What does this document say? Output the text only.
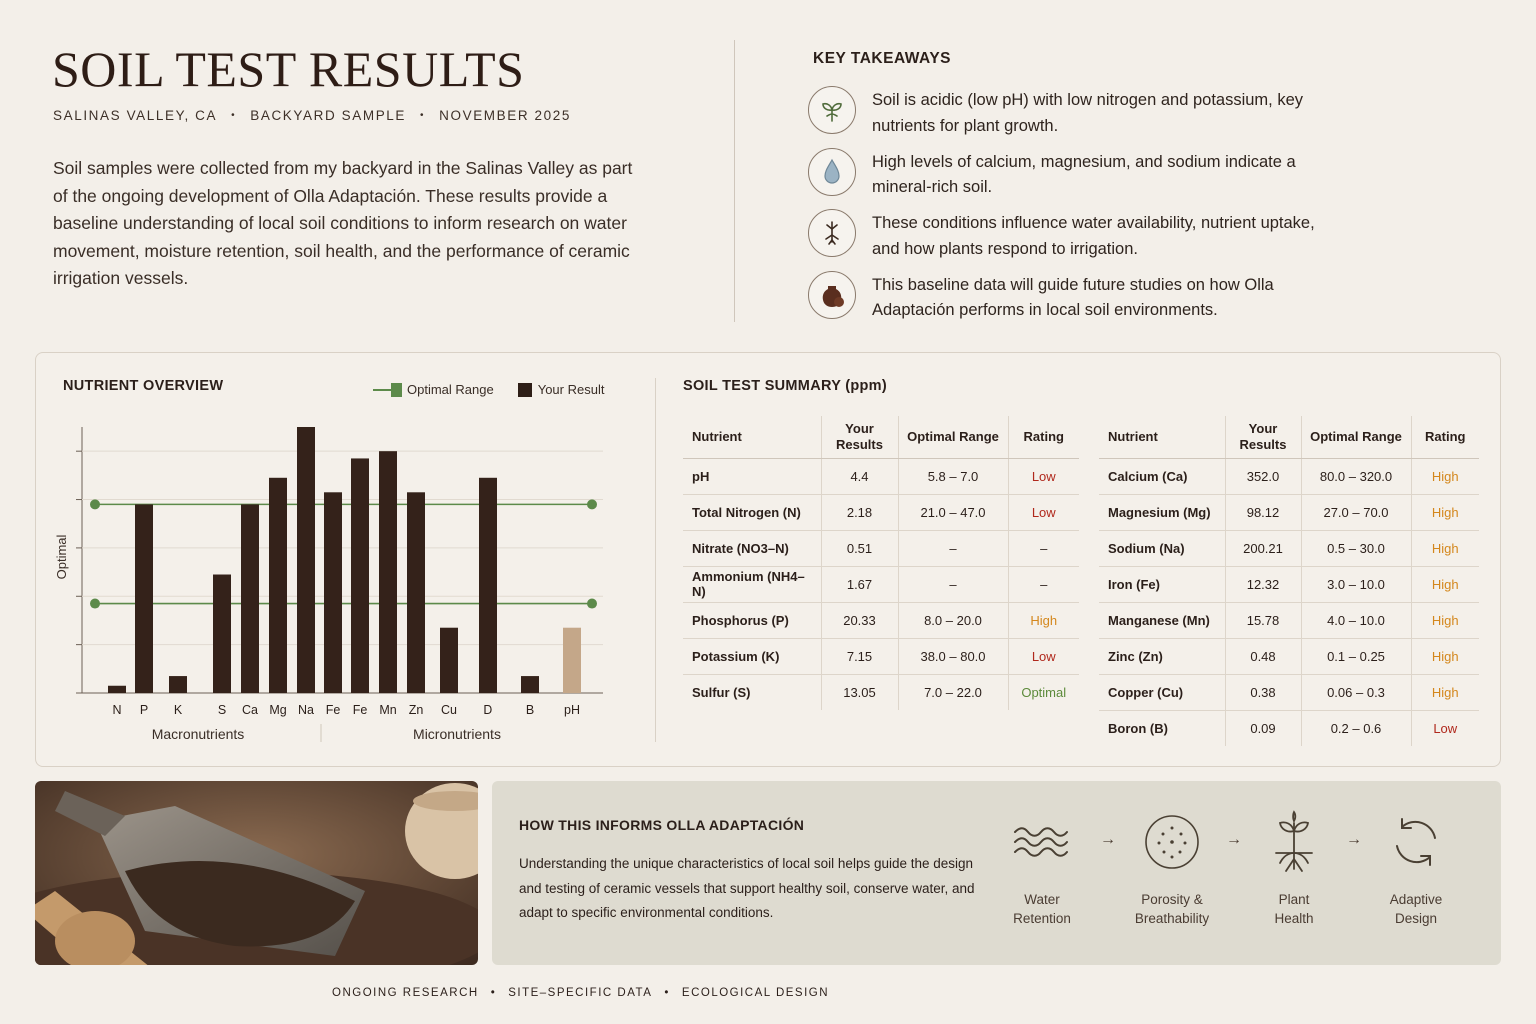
SOIL TEST RESULTS
SALINAS VALLEY, CA • BACKYARD SAMPLE • NOVEMBER 2025

Soil samples were collected from my backyard in the Salinas Valley as part of the ongoing development of Olla Adaptación. These results provide a baseline understanding of local soil conditions to inform research on water movement, moisture retention, soil health, and the performance of ceramic irrigation vessels.

KEY TAKEAWAYS
Soil is acidic (low pH) with low nitrogen and potassium, key nutrients for plant growth.
High levels of calcium, magnesium, and sodium indicate a mineral-rich soil.
These conditions influence water availability, nutrient uptake, and how plants respond to irrigation.
This baseline data will guide future studies on how Olla Adaptación performs in local soil environments.
NUTRIENT OVERVIEW	Optimal Range	Your Result
N P K	S Ca Mg Na Fe Fe Mn Zn Cu Ꭰ	B pH
Optimal
Macronutrients	Micronutrients
SOIL TEST SUMMARY (ppm)
Nutrient	Your
Results	Optimal Range	Rating
pH	4.4	5.8 – 7.0	Low
Total Nitrogen (N)	2.18	21.0 – 47.0	Low
Nitrate (NO3–N)	0.51	–	–
Ammonium (NH4–N)	1.67	–	–
Phosphorus (P)	20.33	8.0 – 20.0	High
Potassium (K)	7.15	38.0 – 80.0	Low
Sulfur (S)	13.05	7.0 – 22.0	Optimal
Nutrient	Your
Results	Optimal Range	Rating
Calcium (Ca)	352.0	80.0 – 320.0	High
Magnesium (Mg)	98.12	27.0 – 70.0	High
Sodium (Na)	200.21	0.5 – 30.0	High
Iron (Fe)	12.32	3.0 – 10.0	High
Manganese (Mn)	15.78	4.0 – 10.0	High
Zinc (Zn)	0.48	0.1 – 0.25	High
Copper (Cu)	0.38	0.06 – 0.3	High
Boron (B)	0.09	0.2 – 0.6	Low
HOW THIS INFORMS OLLA ADAPTACIÓN

Understanding the unique characteristics of local soil helps guide the design and testing of ceramic vessels that support healthy soil, conserve water, and adapt to specific environmental conditions.

Water
Retention
→
Porosity &
Breathability
→
Plant
Health
→
Adaptive
Design
ONGOING RESEARCH • SITE–SPECIFIC DATA • ECOLOGICAL DESIGN
